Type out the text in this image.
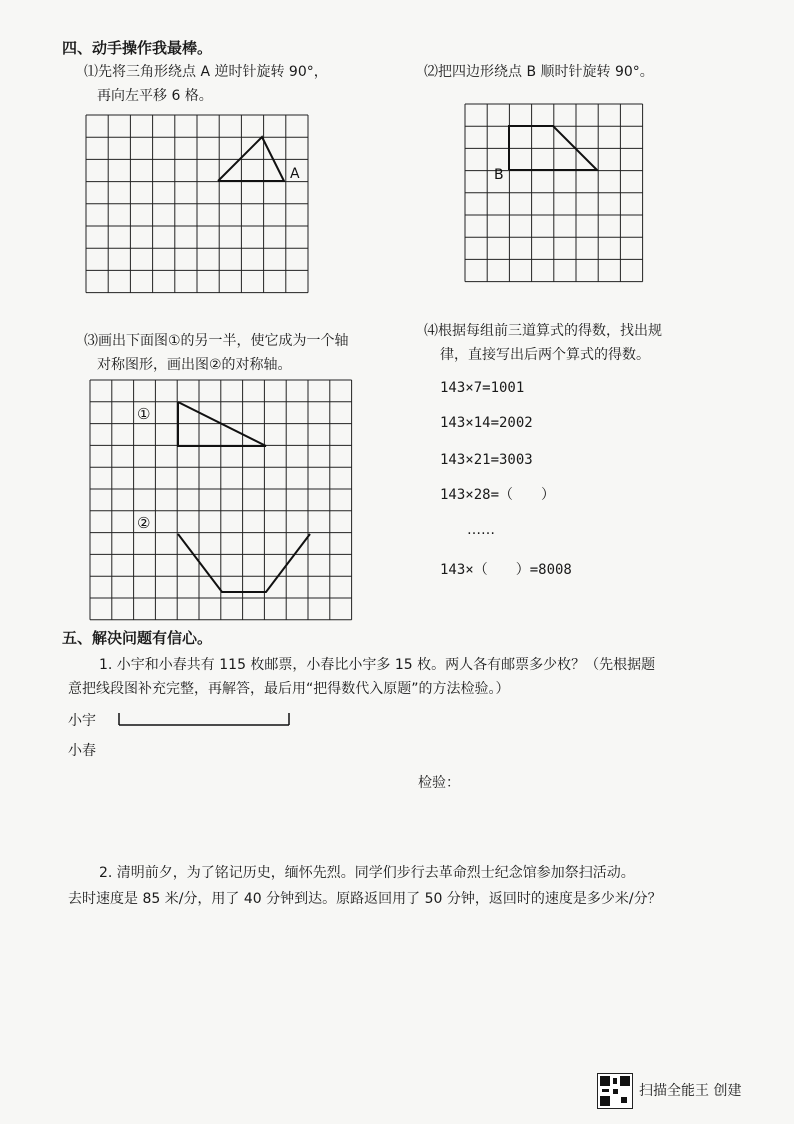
四、动手操作我最棒。
⑴先将三角形绕点 A 逆时针旋转 90°，
再向左平移 6 格。
A
⑵把四边形绕点 B 顺时针旋转 90°。
B
⑶画出下面图①的另一半，使它成为一个轴
对称图形，画出图②的对称轴。
①
②
⑷根据每组前三道算式的得数，找出规
律，直接写出后两个算式的得数。
143×7=1001
143×14=2002
143×21=3003
143×28=（　　）
……
143×（　　）=8008
五、解决问题有信心。
1. 小宇和小春共有 115 枚邮票，小春比小宇多 15 枚。两人各有邮票多少枚？（先根据题
意把线段图补充完整，再解答，最后用“把得数代入原题”的方法检验。）
小宇
小春
检验：
2. 清明前夕，为了铭记历史，缅怀先烈。同学们步行去革命烈士纪念馆参加祭扫活动。
去时速度是 85 米/分，用了 40 分钟到达。原路返回用了 50 分钟，返回时的速度是多少米/分？
扫描全能王 创建
